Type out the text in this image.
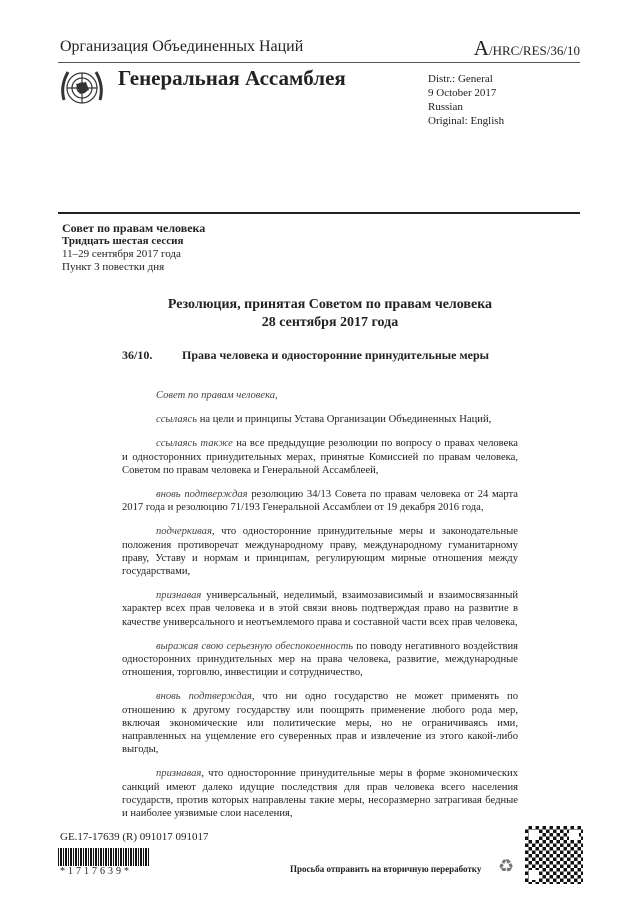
Организация Объединенных Наций	A/HRC/RES/36/10
Генеральная Ассамблея	Distr.: General
9 October 2017
Russian
Original: English
Совет по правам человека
Тридцать шестая сессия
11–29 сентября 2017 года
Пункт 3 повестки дня
Резолюция, принятая Советом по правам человека
28 сентября 2017 года
36/10. Права человека и односторонние принудительные меры

Совет по правам человека,

ссылаясь на цели и принципы Устава Организации Объединенных Наций,

ссылаясь также на все предыдущие резолюции по вопросу о правах человека и односторонних принудительных мерах, принятые Комиссией по правам человека, Советом по правам человека и Генеральной Ассамблеей,

вновь подтверждая резолюцию 34/13 Совета по правам человека от 24 марта 2017 года и резолюцию 71/193 Генеральной Ассамблеи от 19 декабря 2016 года,

подчеркивая, что односторонние принудительные меры и законодательные положения противоречат международному праву, международному гуманитарному праву, Уставу и нормам и принципам, регулирующим мирные отношения между государствами,

признавая универсальный, неделимый, взаимозависимый и взаимосвязанный характер всех прав человека и в этой связи вновь подтверждая право на развитие в качестве универсального и неотъемлемого права и составной части всех прав человека,

выражая свою серьезную обеспокоенность по поводу негативного воздействия односторонних принудительных мер на права человека, развитие, международные отношения, торговлю, инвестиции и сотрудничество,

вновь подтверждая, что ни одно государство не может применять по отношению к другому государству или поощрять применение любого рода мер, включая экономические или политические меры, но не ограничиваясь ими, направленных на ущемление его суверенных прав и извлечение из этого какой-либо выгоды,

признавая, что односторонние принудительные меры в форме экономических санкций имеют далеко идущие последствия для прав человека всего населения государств, против которых направлены такие меры, несоразмерно затрагивая бедные и наиболее уязвимые слои населения,

GE.17-17639 (R) 091017 091017
*1717639*	Просьба отправить на вторичную переработку ♻
